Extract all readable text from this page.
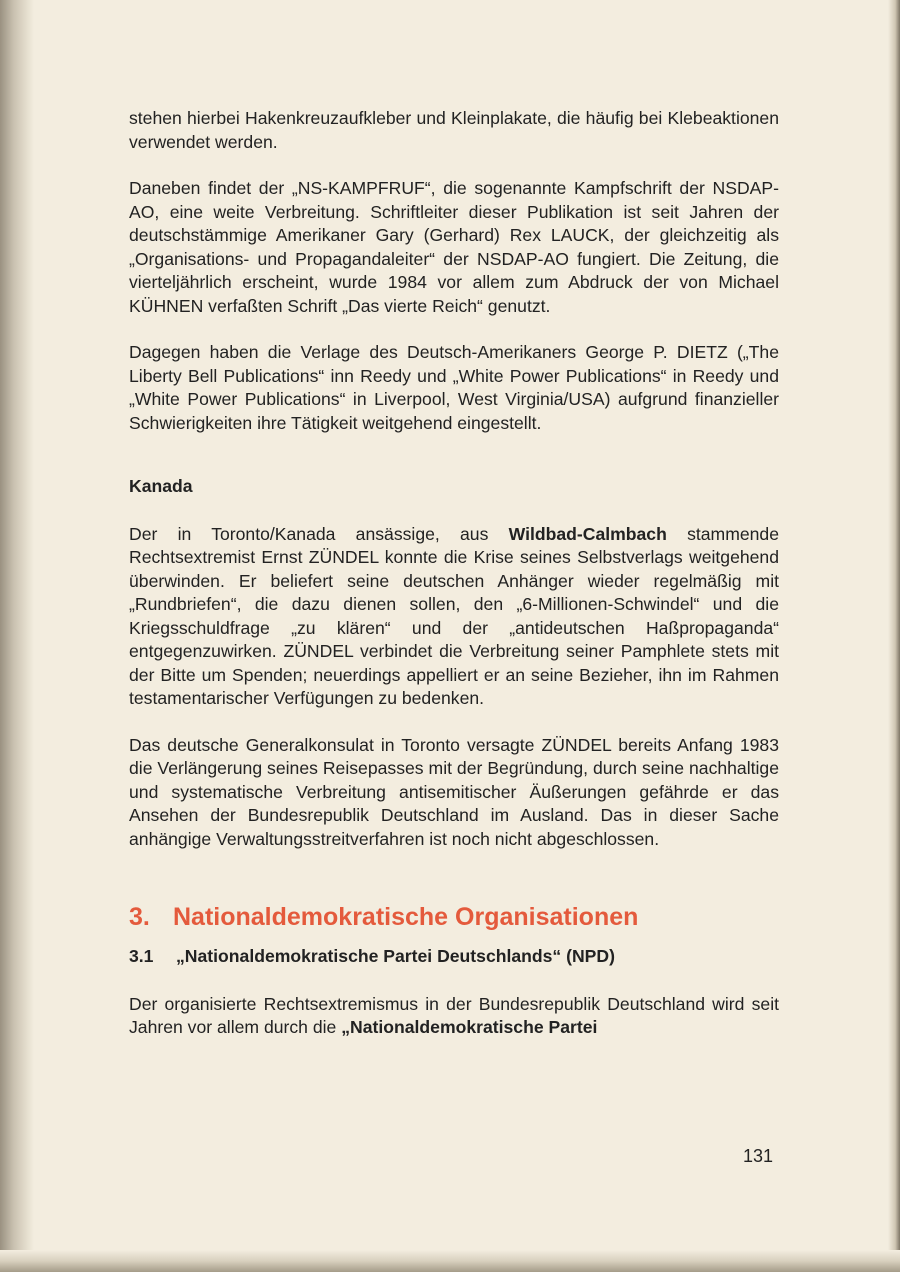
stehen hierbei Hakenkreuzaufkleber und Kleinplakate, die häufig bei Klebeaktionen verwendet werden.

Daneben findet der „NS-KAMPFRUF“, die sogenannte Kampfschrift der NSDAP-AO, eine weite Verbreitung. Schriftleiter dieser Publikation ist seit Jahren der deutschstämmige Amerikaner Gary (Gerhard) Rex LAUCK, der gleichzeitig als „Organisations- und Propagandaleiter“ der NSDAP-AO fungiert. Die Zeitung, die vierteljährlich erscheint, wurde 1984 vor allem zum Abdruck der von Michael KÜHNEN verfaßten Schrift „Das vierte Reich“ genutzt.

Dagegen haben die Verlage des Deutsch-Amerikaners George P. DIETZ („The Liberty Bell Publications“ inn Reedy und „White Power Publications“ in Reedy und „White Power Publications“ in Liverpool, West Virginia/USA) aufgrund finanzieller Schwierigkeiten ihre Tätigkeit weitgehend eingestellt.

Kanada

Der in Toronto/Kanada ansässige, aus Wildbad-Calmbach stammende Rechtsextremist Ernst ZÜNDEL konnte die Krise seines Selbstverlags weitgehend überwinden. Er beliefert seine deutschen Anhänger wieder regelmäßig mit „Rundbriefen“, die dazu dienen sollen, den „6-Millionen-Schwindel“ und die Kriegsschuldfrage „zu klären“ und der „antideutschen Haßpropaganda“ entgegenzuwirken. ZÜNDEL verbindet die Verbreitung seiner Pamphlete stets mit der Bitte um Spenden; neuerdings appelliert er an seine Bezieher, ihn im Rahmen testamentarischer Verfügungen zu bedenken.

Das deutsche Generalkonsulat in Toronto versagte ZÜNDEL bereits Anfang 1983 die Verlängerung seines Reisepasses mit der Begründung, durch seine nachhaltige und systematische Verbreitung antisemitischer Äußerungen gefährde er das Ansehen der Bundesrepublik Deutschland im Ausland. Das in dieser Sache anhängige Verwaltungsstreitverfahren ist noch nicht abgeschlossen.

3. Nationaldemokratische Organisationen
3.1 „Nationaldemokratische Partei Deutschlands“ (NPD)

Der organisierte Rechtsextremismus in der Bundesrepublik Deutschland wird seit Jahren vor allem durch die „Nationaldemokratische Partei

131
